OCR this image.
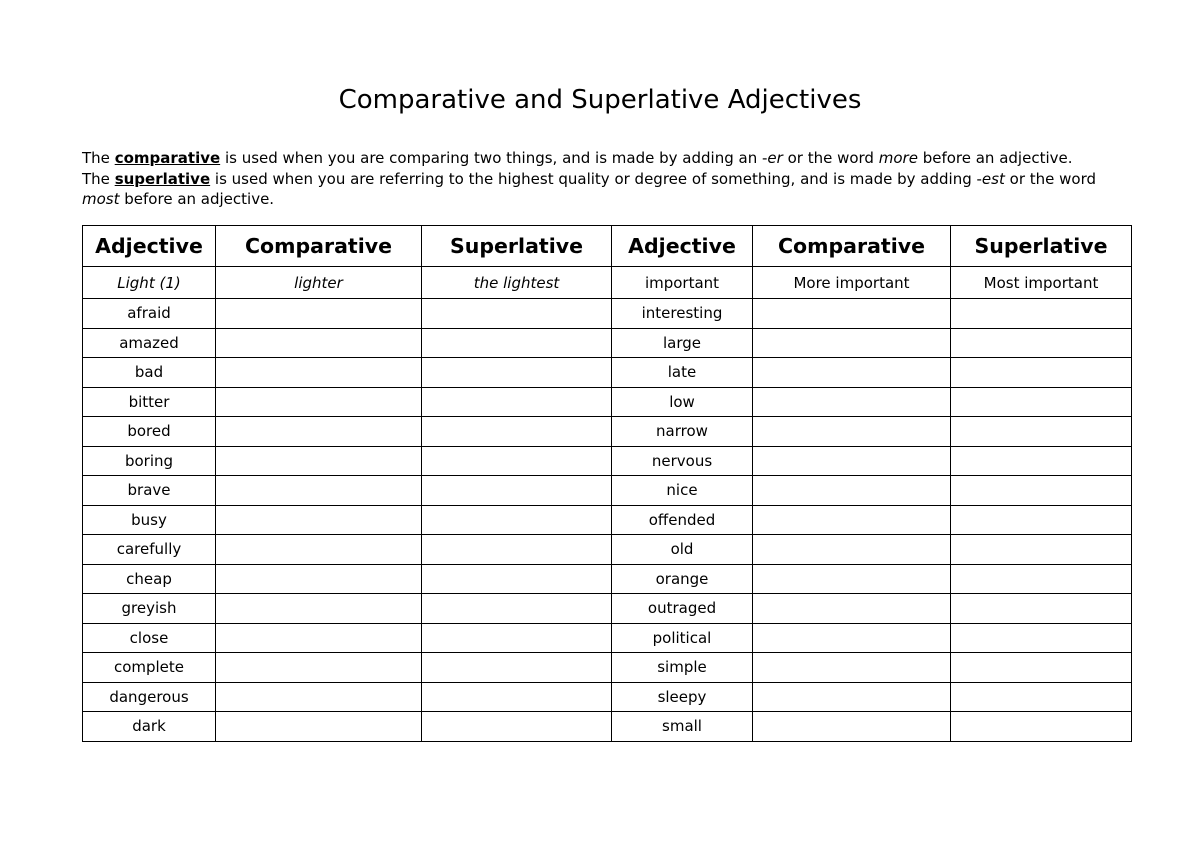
Comparative and Superlative Adjectives

The comparative is used when you are comparing two things, and is made by adding an -er or the word more before an adjective.

The superlative is used when you are referring to the highest quality or degree of something, and is made by adding -est or the word most before an adjective.

Adjective	Comparative	Superlative	Adjective	Comparative	Superlative
Light (1)	lighter	the lightest	important	More important	Most important
afraid			interesting		
amazed			large		
bad			late		
bitter			low		
bored			narrow		
boring			nervous		
brave			nice		
busy			offended		
carefully			old		
cheap			orange		
greyish			outraged		
close			political		
complete			simple		
dangerous			sleepy		
dark			small		
